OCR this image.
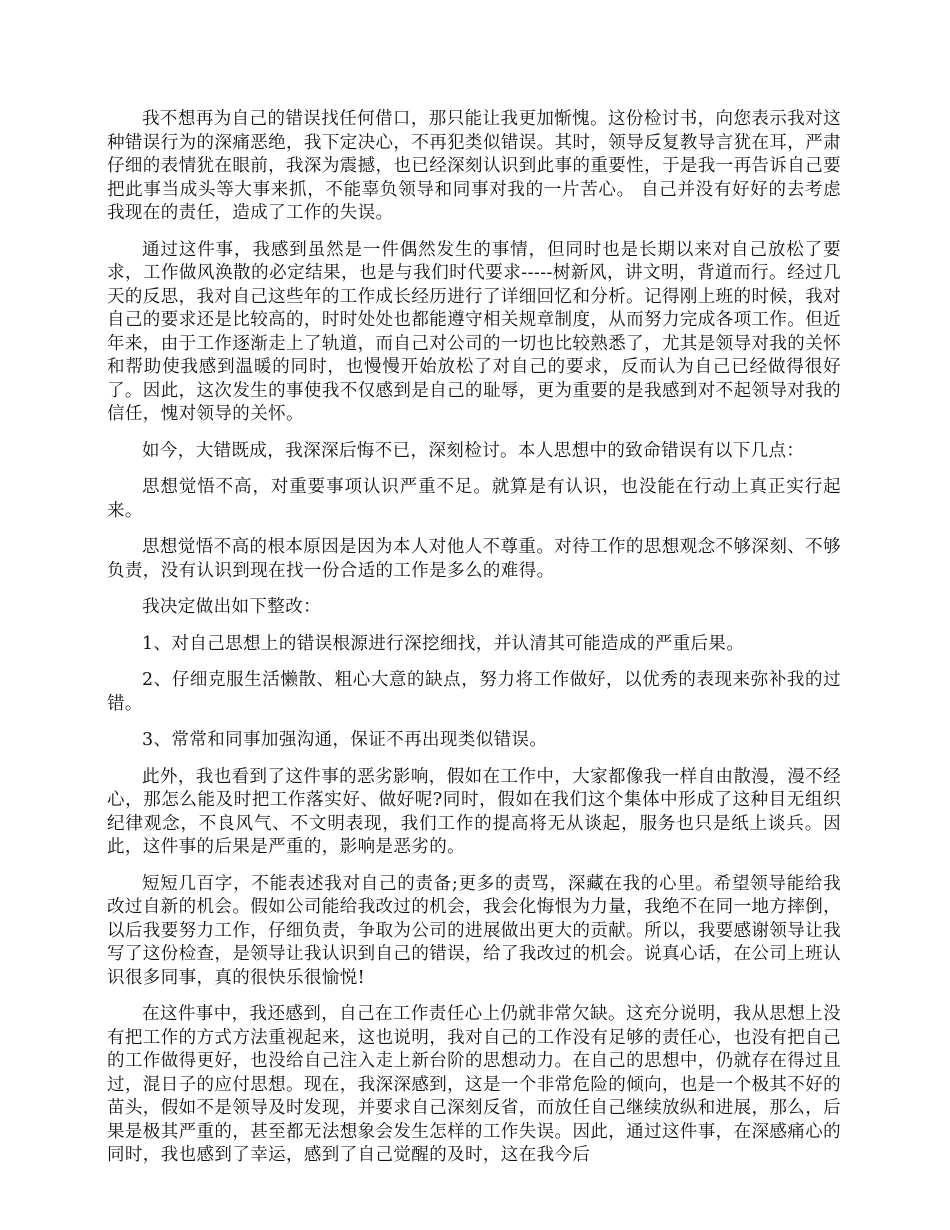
我不想再为自己的错误找任何借口，那只能让我更加惭愧。这份检讨书，向您表示我对这种错误行为的深痛恶绝，我下定决心，不再犯类似错误。其时，领导反复教导言犹在耳，严肃仔细的表情犹在眼前，我深为震撼，也已经深刻认识到此事的重要性，于是我一再告诉自己要把此事当成头等大事来抓，不能辜负领导和同事对我的一片苦心。 自己并没有好好的去考虑我现在的责任，造成了工作的失误。

通过这件事，我感到虽然是一件偶然发生的事情，但同时也是长期以来对自己放松了要求，工作做风涣散的必定结果，也是与我们时代要求-----树新风，讲文明，背道而行。经过几天的反思，我对自己这些年的工作成长经历进行了详细回忆和分析。记得刚上班的时候，我对自己的要求还是比较高的，时时处处也都能遵守相关规章制度，从而努力完成各项工作。但近年来，由于工作逐渐走上了轨道，而自己对公司的一切也比较熟悉了，尤其是领导对我的关怀和帮助使我感到温暖的同时，也慢慢开始放松了对自己的要求，反而认为自己已经做得很好了。因此，这次发生的事使我不仅感到是自己的耻辱，更为重要的是我感到对不起领导对我的信任，愧对领导的关怀。

如今，大错既成，我深深后悔不已，深刻检讨。本人思想中的致命错误有以下几点：

思想觉悟不高，对重要事项认识严重不足。就算是有认识，也没能在行动上真正实行起来。

思想觉悟不高的根本原因是因为本人对他人不尊重。对待工作的思想观念不够深刻、不够负责，没有认识到现在找一份合适的工作是多么的难得。

我决定做出如下整改：

1、对自己思想上的错误根源进行深挖细找，并认清其可能造成的严重后果。

2、仔细克服生活懒散、粗心大意的缺点，努力将工作做好，以优秀的表现来弥补我的过错。

3、常常和同事加强沟通，保证不再出现类似错误。

此外，我也看到了这件事的恶劣影响，假如在工作中，大家都像我一样自由散漫，漫不经心，那怎么能及时把工作落实好、做好呢?同时，假如在我们这个集体中形成了这种目无组织纪律观念，不良风气、不文明表现，我们工作的提高将无从谈起，服务也只是纸上谈兵。因此，这件事的后果是严重的，影响是恶劣的。

短短几百字，不能表述我对自己的责备;更多的责骂，深藏在我的心里。希望领导能给我改过自新的机会。假如公司能给我改过的机会，我会化悔恨为力量，我绝不在同一地方摔倒，以后我要努力工作，仔细负责，争取为公司的进展做出更大的贡献。所以，我要感谢领导让我写了这份检查，是领导让我认识到自己的错误，给了我改过的机会。说真心话，在公司上班认识很多同事，真的很快乐很愉悦!

在这件事中，我还感到，自己在工作责任心上仍就非常欠缺。这充分说明，我从思想上没有把工作的方式方法重视起来，这也说明，我对自己的工作没有足够的责任心，也没有把自己的工作做得更好，也没给自己注入走上新台阶的思想动力。在自己的思想中，仍就存在得过且过，混日子的应付思想。现在，我深深感到，这是一个非常危险的倾向，也是一个极其不好的苗头，假如不是领导及时发现，并要求自己深刻反省，而放任自己继续放纵和进展，那么，后果是极其严重的，甚至都无法想象会发生怎样的工作失误。因此，通过这件事，在深感痛心的同时，我也感到了幸运，感到了自己觉醒的及时，这在我今后
